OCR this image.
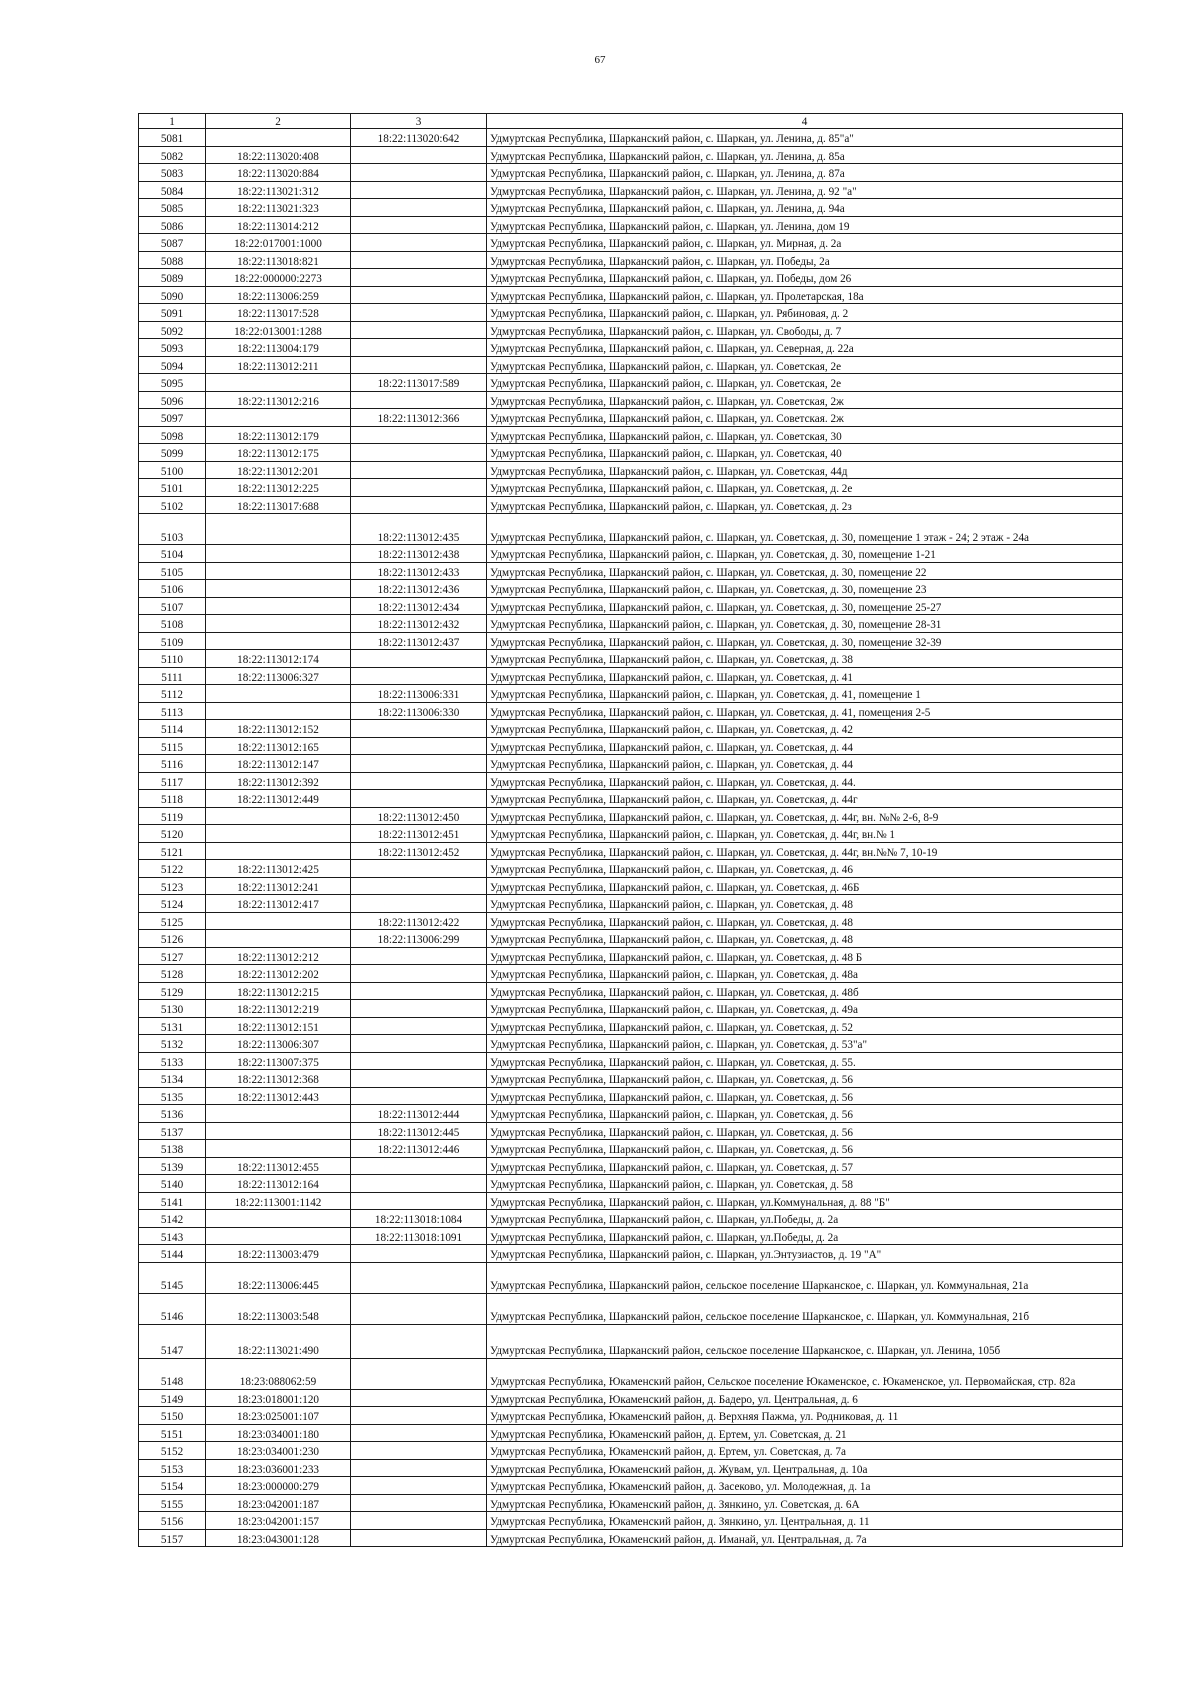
67
1	2	3	4
5081		18:22:113020:642	Удмуртская Республика, Шарканский район, с. Шаркан, ул. Ленина, д. 85"а"
5082	18:22:113020:408		Удмуртская Республика, Шарканский район, с. Шаркан, ул. Ленина, д. 85а
5083	18:22:113020:884		Удмуртская Республика, Шарканский район, с. Шаркан, ул. Ленина, д. 87а
5084	18:22:113021:312		Удмуртская Республика, Шарканский район, с. Шаркан, ул. Ленина, д. 92 "а"
5085	18:22:113021:323		Удмуртская Республика, Шарканский район, с. Шаркан, ул. Ленина, д. 94а
5086	18:22:113014:212		Удмуртская Республика, Шарканский район, с. Шаркан, ул. Ленина, дом 19
5087	18:22:017001:1000		Удмуртская Республика, Шарканский район, с. Шаркан, ул. Мирная, д. 2а
5088	18:22:113018:821		Удмуртская Республика, Шарканский район, с. Шаркан, ул. Победы, 2а
5089	18:22:000000:2273		Удмуртская Республика, Шарканский район, с. Шаркан, ул. Победы, дом 26
5090	18:22:113006:259		Удмуртская Республика, Шарканский район, с. Шаркан, ул. Пролетарская, 18а
5091	18:22:113017:528		Удмуртская Республика, Шарканский район, с. Шаркан, ул. Рябиновая, д. 2
5092	18:22:013001:1288		Удмуртская Республика, Шарканский район, с. Шаркан, ул. Свободы, д. 7
5093	18:22:113004:179		Удмуртская Республика, Шарканский район, с. Шаркан, ул. Северная, д. 22а
5094	18:22:113012:211		Удмуртская Республика, Шарканский район, с. Шаркан, ул. Советская, 2е
5095		18:22:113017:589	Удмуртская Республика, Шарканский район, с. Шаркан, ул. Советская, 2е
5096	18:22:113012:216		Удмуртская Республика, Шарканский район, с. Шаркан, ул. Советская, 2ж
5097		18:22:113012:366	Удмуртская Республика, Шарканский район, с. Шаркан, ул. Советская. 2ж
5098	18:22:113012:179		Удмуртская Республика, Шарканский район, с. Шаркан, ул. Советская, 30
5099	18:22:113012:175		Удмуртская Республика, Шарканский район, с. Шаркан, ул. Советская, 40
5100	18:22:113012:201		Удмуртская Республика, Шарканский район, с. Шаркан, ул. Советская, 44д
5101	18:22:113012:225		Удмуртская Республика, Шарканский район, с. Шаркан, ул. Советская, д. 2е
5102	18:22:113017:688		Удмуртская Республика, Шарканский район, с. Шаркан, ул. Советская, д. 2з
5103		18:22:113012:435	Удмуртская Республика, Шарканский район, с. Шаркан, ул. Советская, д. 30, помещение 1 этаж - 24; 2 этаж - 24а
5104		18:22:113012:438	Удмуртская Республика, Шарканский район, с. Шаркан, ул. Советская, д. 30, помещение 1-21
5105		18:22:113012:433	Удмуртская Республика, Шарканский район, с. Шаркан, ул. Советская, д. 30, помещение 22
5106		18:22:113012:436	Удмуртская Республика, Шарканский район, с. Шаркан, ул. Советская, д. 30, помещение 23
5107		18:22:113012:434	Удмуртская Республика, Шарканский район, с. Шаркан, ул. Советская, д. 30, помещение 25-27
5108		18:22:113012:432	Удмуртская Республика, Шарканский район, с. Шаркан, ул. Советская, д. 30, помещение 28-31
5109		18:22:113012:437	Удмуртская Республика, Шарканский район, с. Шаркан, ул. Советская, д. 30, помещение 32-39
5110	18:22:113012:174		Удмуртская Республика, Шарканский район, с. Шаркан, ул. Советская, д. 38
5111	18:22:113006:327		Удмуртская Республика, Шарканский район, с. Шаркан, ул. Советская, д. 41
5112		18:22:113006:331	Удмуртская Республика, Шарканский район, с. Шаркан, ул. Советская, д. 41, помещение 1
5113		18:22:113006:330	Удмуртская Республика, Шарканский район, с. Шаркан, ул. Советская, д. 41, помещения 2-5
5114	18:22:113012:152		Удмуртская Республика, Шарканский район, с. Шаркан, ул. Советская, д. 42
5115	18:22:113012:165		Удмуртская Республика, Шарканский район, с. Шаркан, ул. Советская, д. 44
5116	18:22:113012:147		Удмуртская Республика, Шарканский район, с. Шаркан, ул. Советская, д. 44
5117	18:22:113012:392		Удмуртская Республика, Шарканский район, с. Шаркан, ул. Советская, д. 44.
5118	18:22:113012:449		Удмуртская Республика, Шарканский район, с. Шаркан, ул. Советская, д. 44г
5119		18:22:113012:450	Удмуртская Республика, Шарканский район, с. Шаркан, ул. Советская, д. 44г, вн. №№ 2-6, 8-9
5120		18:22:113012:451	Удмуртская Республика, Шарканский район, с. Шаркан, ул. Советская, д. 44г, вн.№ 1
5121		18:22:113012:452	Удмуртская Республика, Шарканский район, с. Шаркан, ул. Советская, д. 44г, вн.№№ 7, 10-19
5122	18:22:113012:425		Удмуртская Республика, Шарканский район, с. Шаркан, ул. Советская, д. 46
5123	18:22:113012:241		Удмуртская Республика, Шарканский район, с. Шаркан, ул. Советская, д. 46Б
5124	18:22:113012:417		Удмуртская Республика, Шарканский район, с. Шаркан, ул. Советская, д. 48
5125		18:22:113012:422	Удмуртская Республика, Шарканский район, с. Шаркан, ул. Советская, д. 48
5126		18:22:113006:299	Удмуртская Республика, Шарканский район, с. Шаркан, ул. Советская, д. 48
5127	18:22:113012:212		Удмуртская Республика, Шарканский район, с. Шаркан, ул. Советская, д. 48 Б
5128	18:22:113012:202		Удмуртская Республика, Шарканский район, с. Шаркан, ул. Советская, д. 48а
5129	18:22:113012:215		Удмуртская Республика, Шарканский район, с. Шаркан, ул. Советская, д. 48б
5130	18:22:113012:219		Удмуртская Республика, Шарканский район, с. Шаркан, ул. Советская, д. 49а
5131	18:22:113012:151		Удмуртская Республика, Шарканский район, с. Шаркан, ул. Советская, д. 52
5132	18:22:113006:307		Удмуртская Республика, Шарканский район, с. Шаркан, ул. Советская, д. 53"а"
5133	18:22:113007:375		Удмуртская Республика, Шарканский район, с. Шаркан, ул. Советская, д. 55.
5134	18:22:113012:368		Удмуртская Республика, Шарканский район, с. Шаркан, ул. Советская, д. 56
5135	18:22:113012:443		Удмуртская Республика, Шарканский район, с. Шаркан, ул. Советская, д. 56
5136		18:22:113012:444	Удмуртская Республика, Шарканский район, с. Шаркан, ул. Советская, д. 56
5137		18:22:113012:445	Удмуртская Республика, Шарканский район, с. Шаркан, ул. Советская, д. 56
5138		18:22:113012:446	Удмуртская Республика, Шарканский район, с. Шаркан, ул. Советская, д. 56
5139	18:22:113012:455		Удмуртская Республика, Шарканский район, с. Шаркан, ул. Советская, д. 57
5140	18:22:113012:164		Удмуртская Республика, Шарканский район, с. Шаркан, ул. Советская, д. 58
5141	18:22:113001:1142		Удмуртская Республика, Шарканский район, с. Шаркан, ул.Коммунальная, д. 88 "Б"
5142		18:22:113018:1084	Удмуртская Республика, Шарканский район, с. Шаркан, ул.Победы, д. 2а
5143		18:22:113018:1091	Удмуртская Республика, Шарканский район, с. Шаркан, ул.Победы, д. 2а
5144	18:22:113003:479		Удмуртская Республика, Шарканский район, с. Шаркан, ул.Энтузиастов, д. 19 "А"
5145	18:22:113006:445		Удмуртская Республика, Шарканский район, сельское поселение Шарканское, с. Шаркан, ул. Коммунальная, 21а
5146	18:22:113003:548		Удмуртская Республика, Шарканский район, сельское поселение Шарканское, с. Шаркан, ул. Коммунальная, 21б
5147	18:22:113021:490		Удмуртская Республика, Шарканский район, сельское поселение Шарканское, с. Шаркан, ул. Ленина, 105б
5148	18:23:088062:59		Удмуртская Республика, Юкаменский район, Сельское поселение Юкаменское, с. Юкаменское, ул. Первомайская, стр. 82а
5149	18:23:018001:120		Удмуртская Республика, Юкаменский район, д. Бадеро, ул. Центральная, д. 6
5150	18:23:025001:107		Удмуртская Республика, Юкаменский район, д. Верхняя Пажма, ул. Родниковая, д. 11
5151	18:23:034001:180		Удмуртская Республика, Юкаменский район, д. Ертем, ул. Советская, д. 21
5152	18:23:034001:230		Удмуртская Республика, Юкаменский район, д. Ертем, ул. Советская, д. 7а
5153	18:23:036001:233		Удмуртская Республика, Юкаменский район, д. Жувам, ул. Центральная, д. 10а
5154	18:23:000000:279		Удмуртская Республика, Юкаменский район, д. Засеково, ул. Молодежная, д. 1а
5155	18:23:042001:187		Удмуртская Республика, Юкаменский район, д. Зянкино, ул. Советская, д. 6А
5156	18:23:042001:157		Удмуртская Республика, Юкаменский район, д. Зянкино, ул. Центральная, д. 11
5157	18:23:043001:128		Удмуртская Республика, Юкаменский район, д. Иманай, ул. Центральная, д. 7а
